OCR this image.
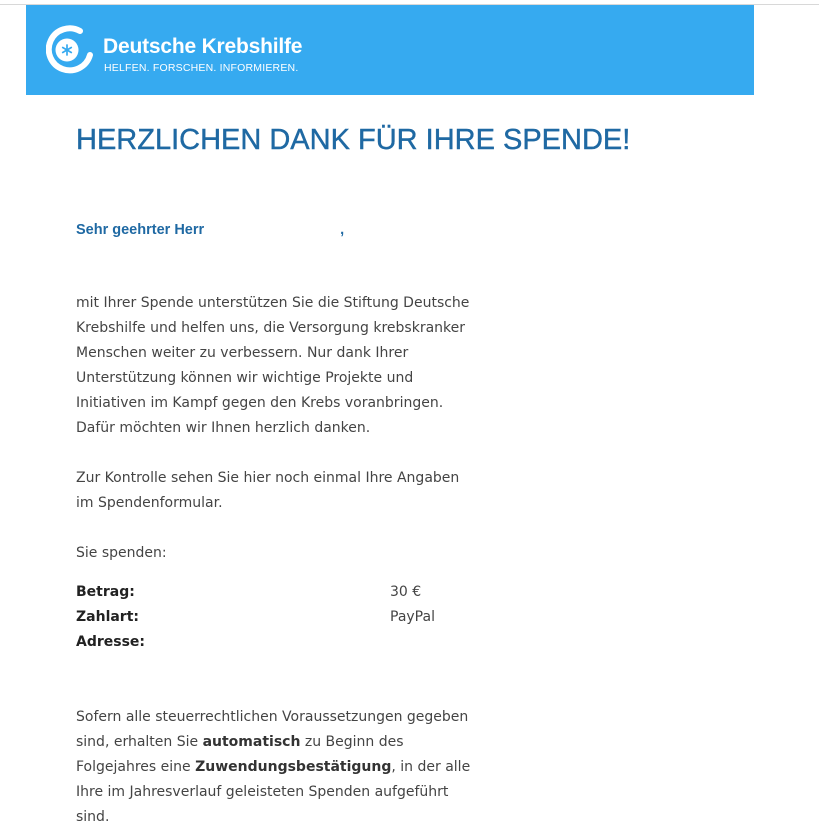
Deutsche Krebshilfe
HELFEN. FORSCHEN. INFORMIEREN.
HERZLICHEN DANK FÜR IHRE SPENDE!
Sehr geehrter Herr	,

mit Ihrer Spende unterstützen Sie die Stiftung Deutsche Krebshilfe und helfen uns, die Versorgung krebskranker Menschen weiter zu verbessern. Nur dank Ihrer Unterstützung können wir wichtige Projekte und Initiativen im Kampf gegen den Krebs voranbringen. Dafür möchten wir Ihnen herzlich danken.

Zur Kontrolle sehen Sie hier noch einmal Ihre Angaben im Spendenformular.

Sie spenden:

Betrag:	30 €
Zahlart:	PayPal
Adresse:

Sofern alle steuerrechtlichen Voraussetzungen gegeben sind, erhalten Sie automatisch zu Beginn des Folgejahres eine Zuwendungsbestätigung, in der alle Ihre im Jahresverlauf geleisteten Spenden aufgeführt sind.
